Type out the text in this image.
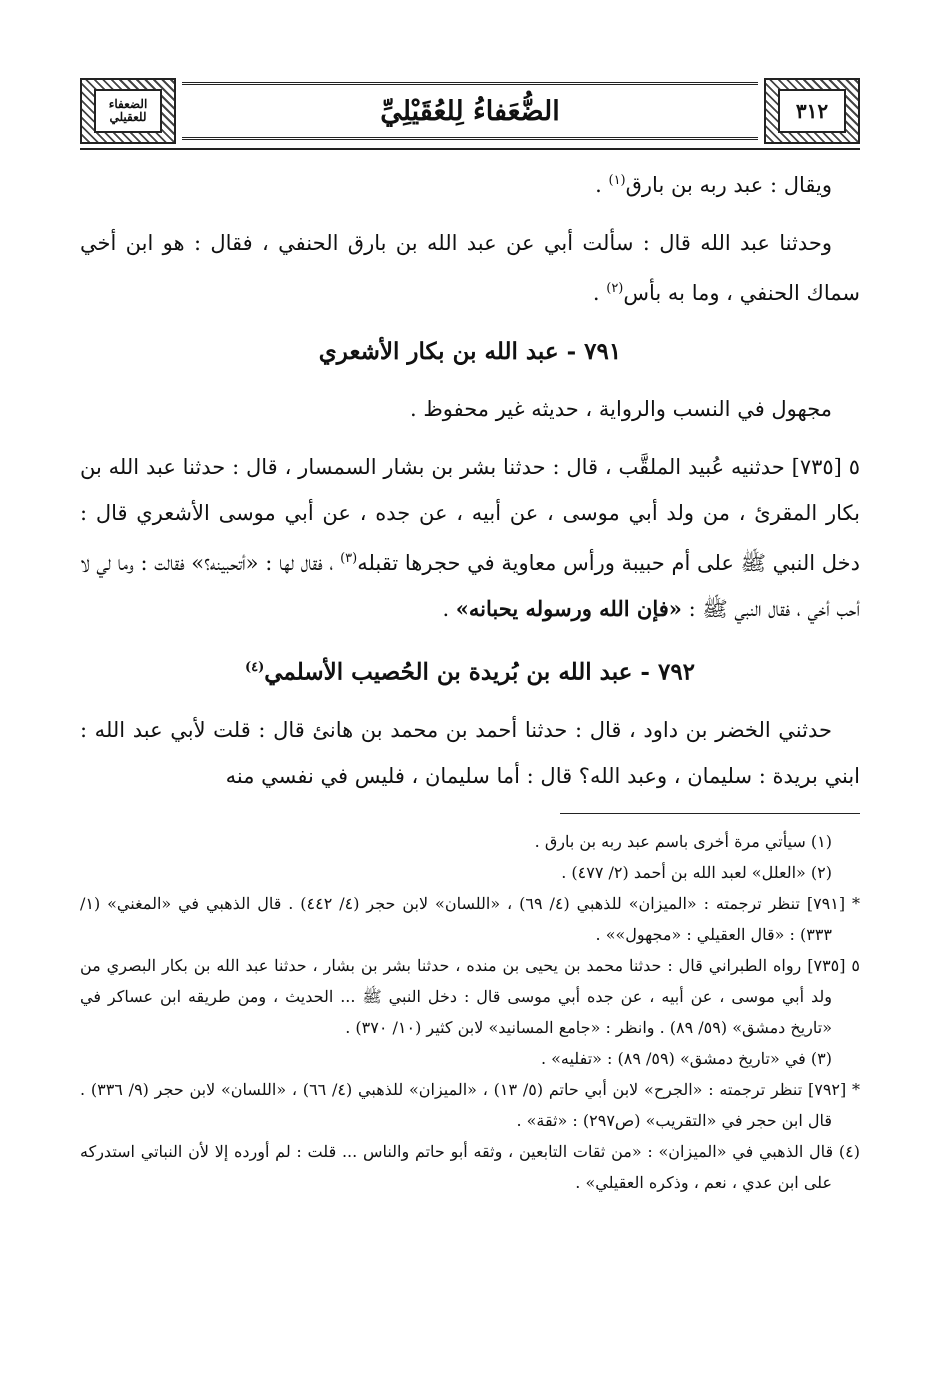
الضعفاء للعقيلي	الضُّعَفاءُ لِلعُقَيْلِيِّ	٣١٢

ويقال : عبد ربه بن بارق$^{(١)}$ .

وحدثنا عبد الله قال : سألت أبي عن عبد الله بن بارق الحنفي ، فقال : هو ابن أخي سماك الحنفي ، وما به بأس$^{(٢)}$ .

٧٩١ - عبد الله بن بكار الأشعري

مجهول في النسب والرواية ، حديثه غير محفوظ .

٥ [٧٣٥] حدثنيه عُبيد الملقَّب ، قال : حدثنا بشر بن بشار السمسار ، قال : حدثنا عبد الله بن بكار المقرئ ، من ولد أبي موسى ، عن أبيه ، عن جده ، عن أبي موسى الأشعري قال : دخل النبي ﷺ على أم حبيبة ورأس معاوية في حجرها تقبله$^{(٣)}$ ، فقال لها : «أتحبينه؟» فقالت : وما لي لا أحب أخي ، فقال النبي ﷺ : «فإن الله ورسوله يحبانه» .

٧٩٢ - عبد الله بن بُريدة بن الحُصيب الأسلمي$^{(٤)}$

حدثني الخضر بن داود ، قال : حدثنا أحمد بن محمد بن هانئ قال : قلت لأبي عبد الله : ابني بريدة : سليمان ، وعبد الله؟ قال : أما سليمان ، فليس في نفسي منه

(١) سيأتي مرة أخرى باسم عبد ربه بن بارق .

(٢) «العلل» لعبد الله بن أحمد (٢/ ٤٧٧) .

* [٧٩١] تنظر ترجمته : «الميزان» للذهبي (٤/ ٦٩) ، «اللسان» لابن حجر (٤/ ٤٤٢) . قال الذهبي في «المغني» (١/ ٣٣٣) : «قال العقيلي : «مجهول»» .

٥ [٧٣٥] رواه الطبراني قال : حدثنا محمد بن يحيى بن منده ، حدثنا بشر بن بشار ، حدثنا عبد الله بن بكار البصري من ولد أبي موسى ، عن أبيه ، عن جده أبي موسى قال : دخل النبي ﷺ ... الحديث ، ومن طريقه ابن عساكر في «تاريخ دمشق» (٥٩/ ٨٩) . وانظر : «جامع المسانيد» لابن كثير (١٠/ ٣٧٠) .

(٣) في «تاريخ دمشق» (٥٩/ ٨٩) : «تفليه» .

* [٧٩٢] تنظر ترجمته : «الجرح» لابن أبي حاتم (٥/ ١٣) ، «الميزان» للذهبي (٤/ ٦٦) ، «اللسان» لابن حجر (٩/ ٣٣٦) . قال ابن حجر في «التقريب» (ص٢٩٧) : «ثقة» .

(٤) قال الذهبي في «الميزان» : «من ثقات التابعين ، وثقه أبو حاتم والناس ... قلت : لم أورده إلا لأن النباتي استدركه على ابن عدي ، نعم ، وذكره العقيلي» .
